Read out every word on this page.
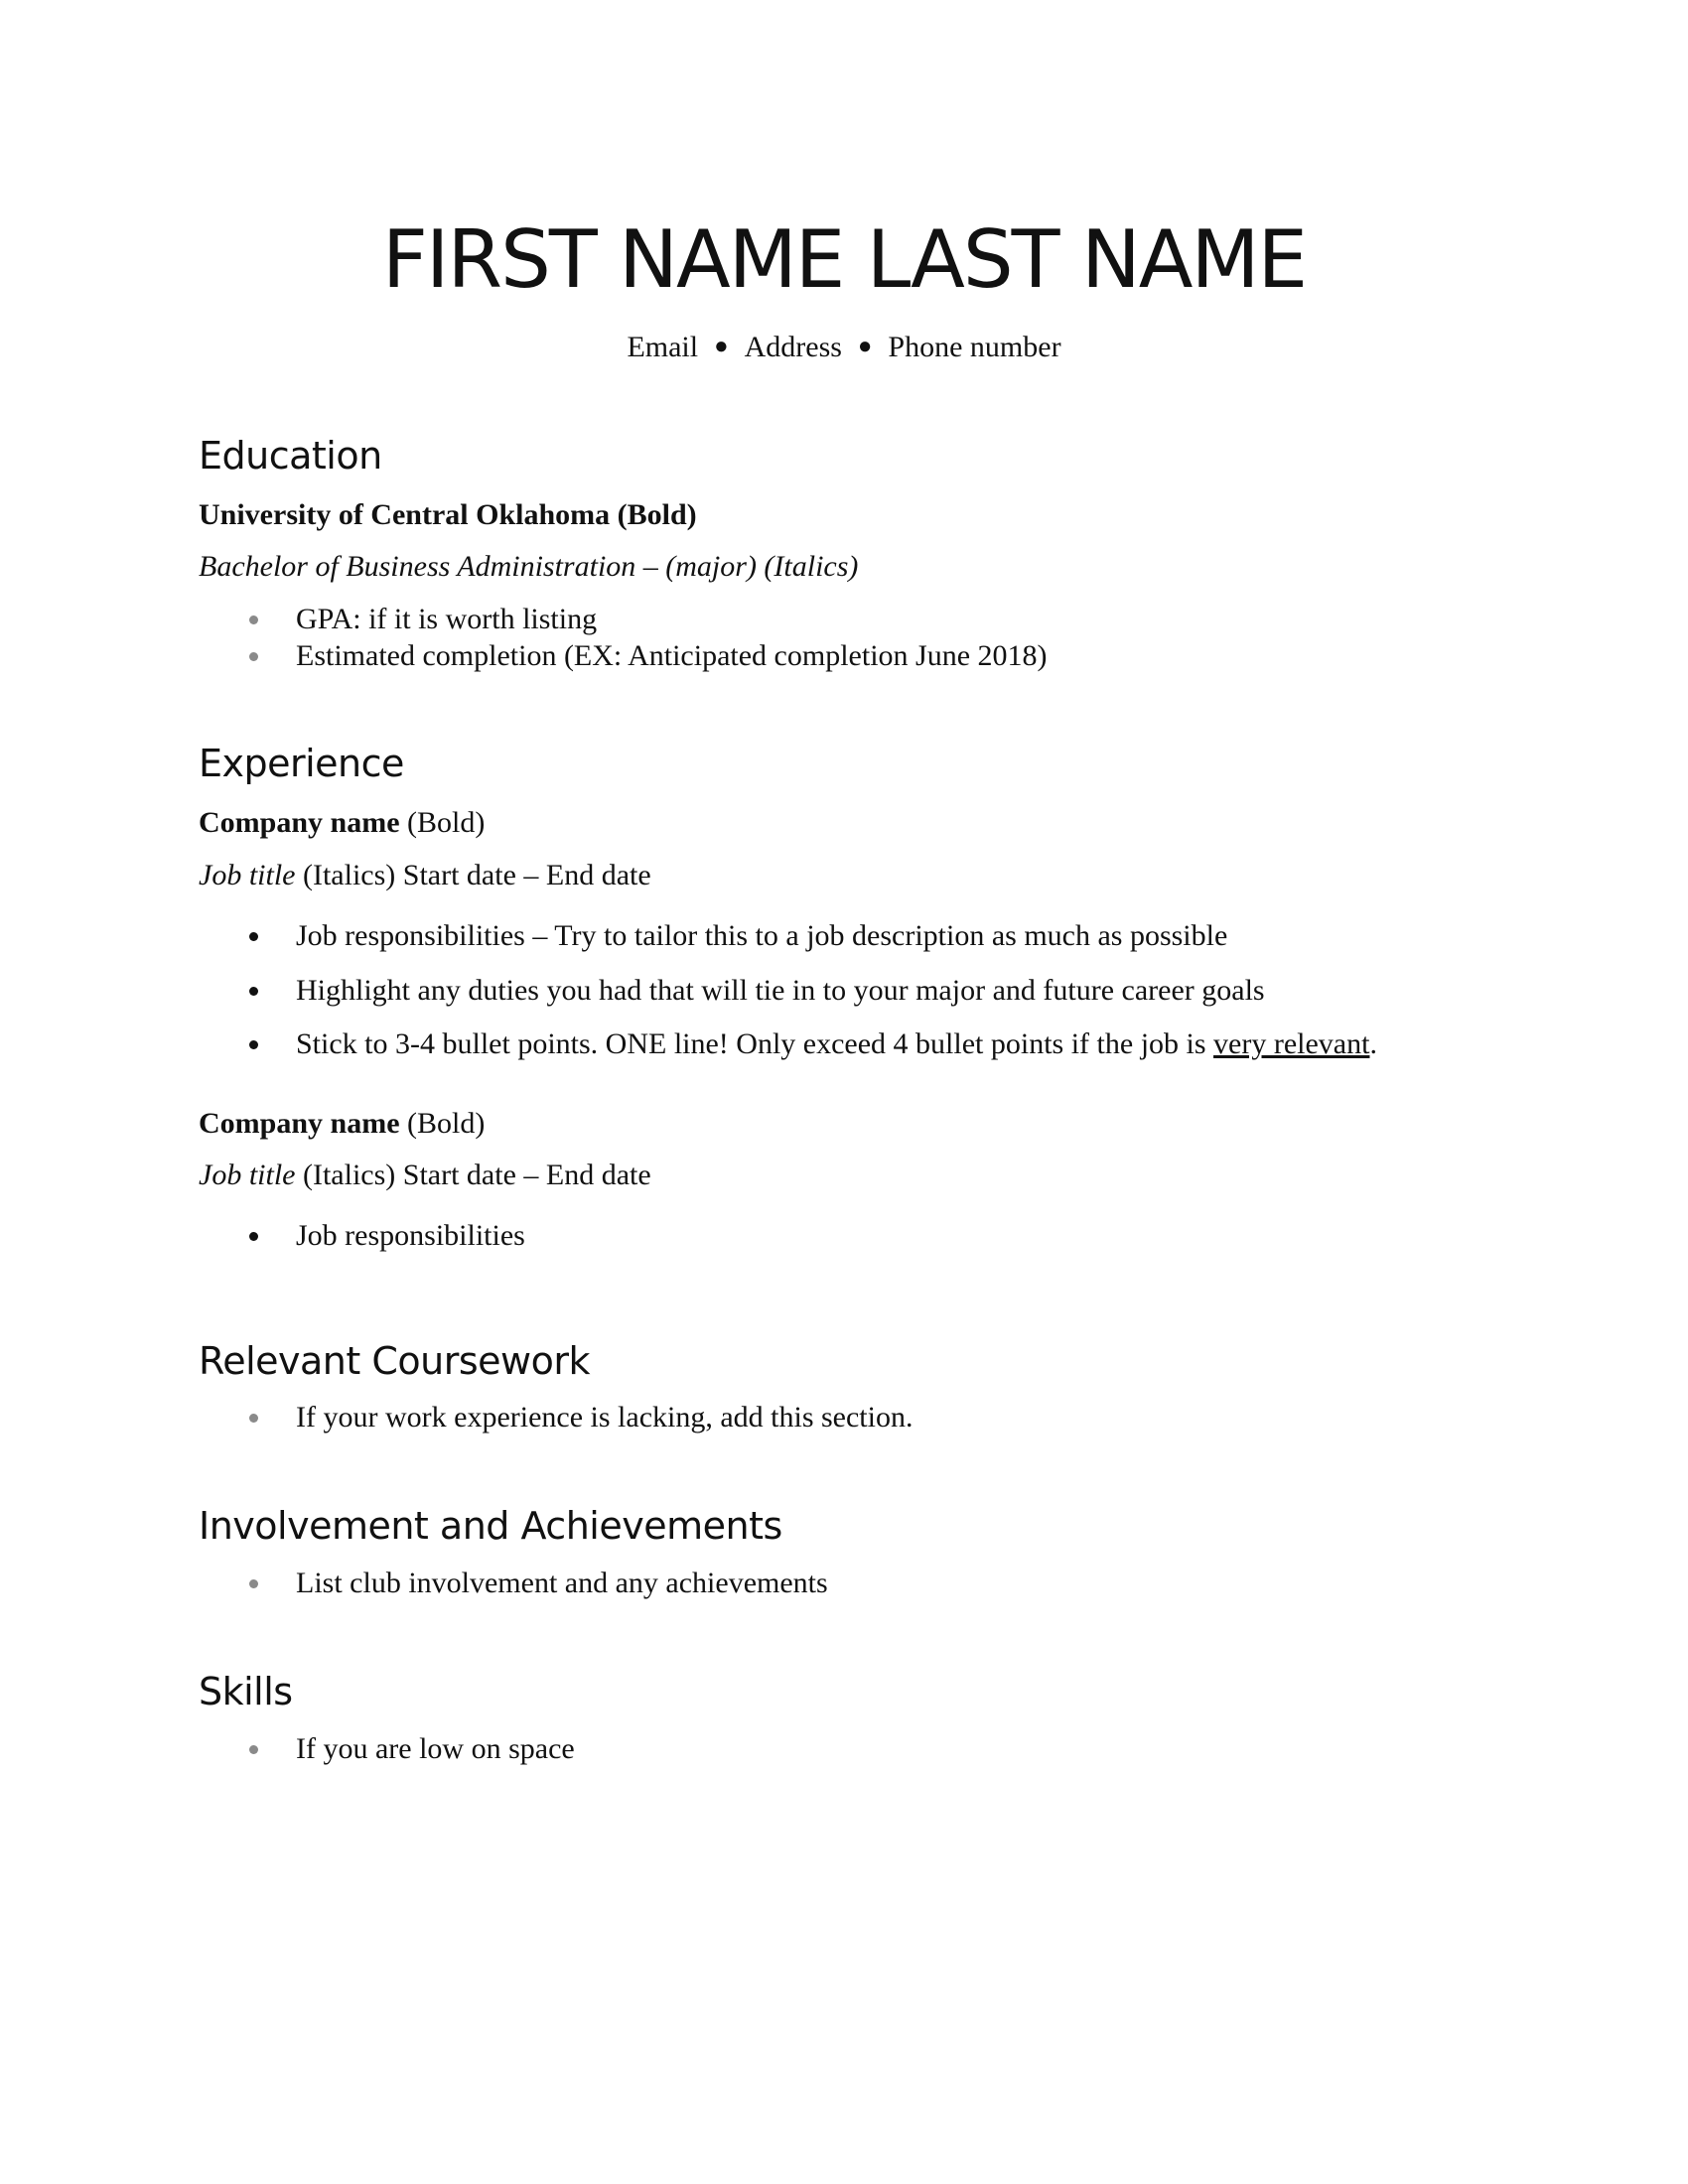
FIRST NAME LAST NAME
Email ● Address ● Phone number
Education
University of Central Oklahoma (Bold)
Bachelor of Business Administration – (major) (Italics)
GPA: if it is worth listing
Estimated completion (EX: Anticipated completion June 2018)
Experience
Company name (Bold)
Job title (Italics) Start date – End date
Job responsibilities – Try to tailor this to a job description as much as possible
Highlight any duties you had that will tie in to your major and future career goals
Stick to 3-4 bullet points. ONE line! Only exceed 4 bullet points if the job is very relevant.
Company name (Bold)
Job title (Italics) Start date – End date
Job responsibilities
Relevant Coursework
If your work experience is lacking, add this section.
Involvement and Achievements
List club involvement and any achievements
Skills
If you are low on space
